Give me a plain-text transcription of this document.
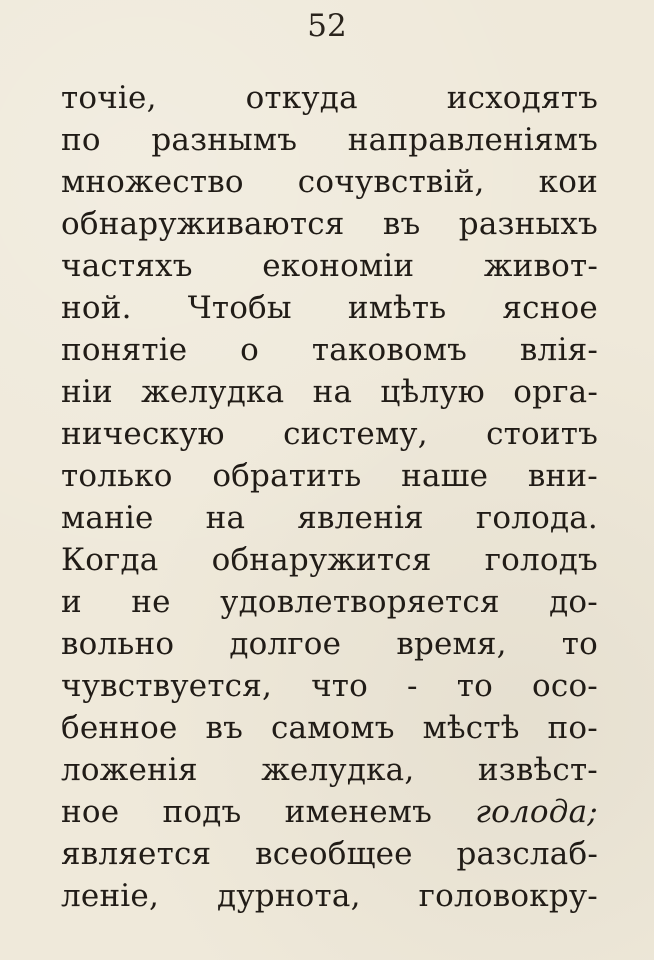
52
точіе,	откуда	исходятъ
по разнымъ направленіямъ
множество сочувствій, кои
обнаруживаются въ разныхъ
частяхъ економіи живот-
ной. Чтобы имѣть ясное
понятіе о таковомъ влія-
ніи желудка на цѣлую орга-
ническую систему, стоитъ
только обратить наше вни-
маніе на явленія голода.
Когда обнаружится голодъ
и не удовлетворяется до-
вольно долгое время, то
чувствуется, что - то осо-
бенное въ самомъ мѣстѣ по-
ложенія желудка, извѣст-
ное подъ именемъ голода;
является всеобщее разслаб-
леніе, дурнота, головокру-
